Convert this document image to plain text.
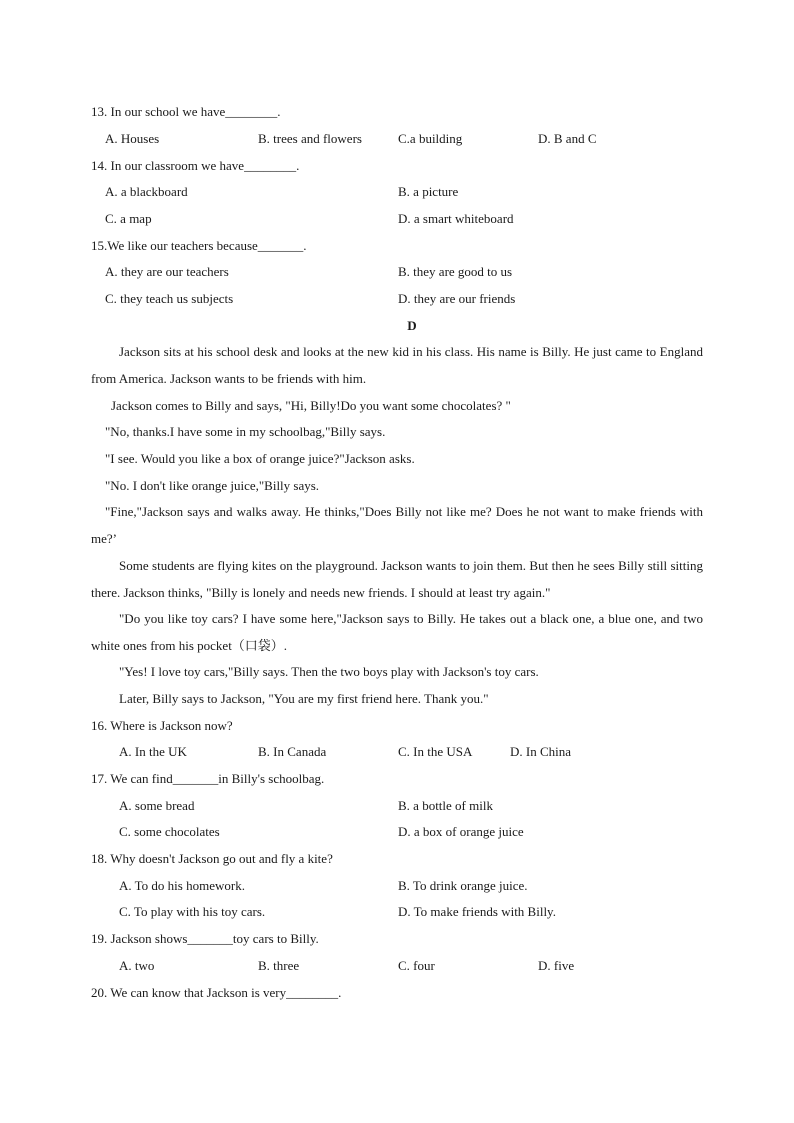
13. In our school we have________.
A. Houses	B. trees and flowers	C.a building	D. B and C
14. In our classroom we have________.
A. a blackboard	B. a picture
C. a map	D. a smart whiteboard
15.We like our teachers because_______.
A. they are our teachers	B. they are good to us
C. they teach us subjects	D. they are our friends
D
Jackson sits at his school desk and looks at the new kid in his class. His name is Billy. He just came to England from America. Jackson wants to be friends with him.
Jackson comes to Billy and says, "Hi, Billy!Do you want some chocolates? "
"No, thanks.I have some in my schoolbag,"Billy says.
"I see. Would you like a box of orange juice?"Jackson asks.
"No. I don't like orange juice,"Billy says.
"Fine,"Jackson says and walks away. He thinks,"Does Billy not like me? Does he not want to make friends with me?’
Some students are flying kites on the playground. Jackson wants to join them. But then he sees Billy still sitting there. Jackson thinks, "Billy is lonely and needs new friends. I should at least try again."
"Do you like toy cars? I have some here,"Jackson says to Billy. He takes out a black one, a blue one, and two white ones from his pocket（口袋）.
"Yes! I love toy cars,"Billy says. Then the two boys play with Jackson's toy cars.
Later, Billy says to Jackson, "You are my first friend here. Thank you."
16. Where is Jackson now?
A. In the UK	B. In Canada	C. In the USA	D. In China
17. We can find_______in Billy's schoolbag.
A. some bread	B. a bottle of milk
C. some chocolates	D. a box of orange juice
18. Why doesn't Jackson go out and fly a kite?
A. To do his homework.	B. To drink orange juice.
C. To play with his toy cars.	D. To make friends with Billy.
19. Jackson shows_______toy cars to Billy.
A. two	B. three	C. four	D. five
20. We can know that Jackson is very________.
